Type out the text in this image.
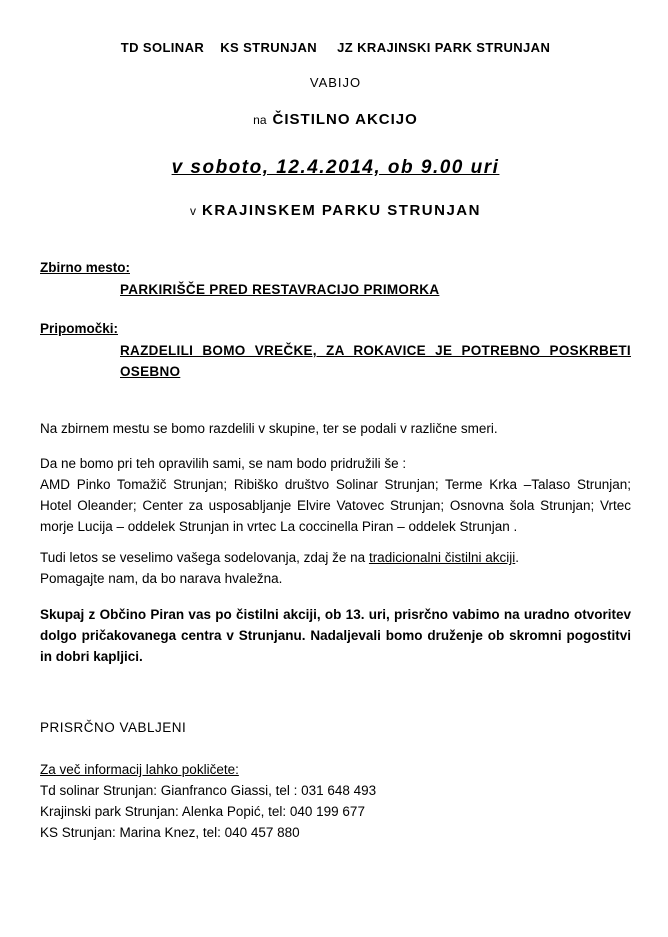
TD SOLINAR    KS STRUNJAN     JZ KRAJINSKI PARK STRUNJAN
VABIJO
na ČISTILNO AKCIJO
v soboto, 12.4.2014, ob 9.00 uri
v KRAJINSKEM PARKU STRUNJAN
Zbirno mesto:
PARKIRIŠČE PRED RESTAVRACIJO PRIMORKA
Pripomočki:
RAZDELILI BOMO VREČKE, ZA ROKAVICE JE POTREBNO POSKRBETI OSEBNO
Na zbirnem mestu se bomo razdelili v skupine, ter se podali v različne smeri.
Da ne bomo pri teh opravilih sami, se nam bodo pridružili še :
AMD Pinko Tomažič Strunjan; Ribiško društvo Solinar Strunjan; Terme Krka –Talaso Strunjan; Hotel Oleander; Center za usposabljanje Elvire Vatovec Strunjan; Osnovna šola Strunjan; Vrtec morje Lucija – oddelek Strunjan in vrtec La coccinella Piran – oddelek Strunjan .
Tudi letos se veselimo vašega sodelovanja, zdaj že na tradicionalni čistilni akciji.
Pomagajte nam, da bo narava hvaležna.
Skupaj z Občino Piran vas po čistilni akciji, ob 13. uri, prisrčno vabimo na uradno otvoritev dolgo pričakovanega centra v Strunjanu. Nadaljevali bomo druženje ob skromni pogostitvi in dobri kapljici.
PRISRČNO VABLJENI
Za več informacij lahko pokličete:
Td solinar Strunjan: Gianfranco Giassi, tel : 031 648 493
Krajinski park Strunjan: Alenka Popić, tel: 040 199 677
KS Strunjan: Marina Knez, tel: 040 457 880
